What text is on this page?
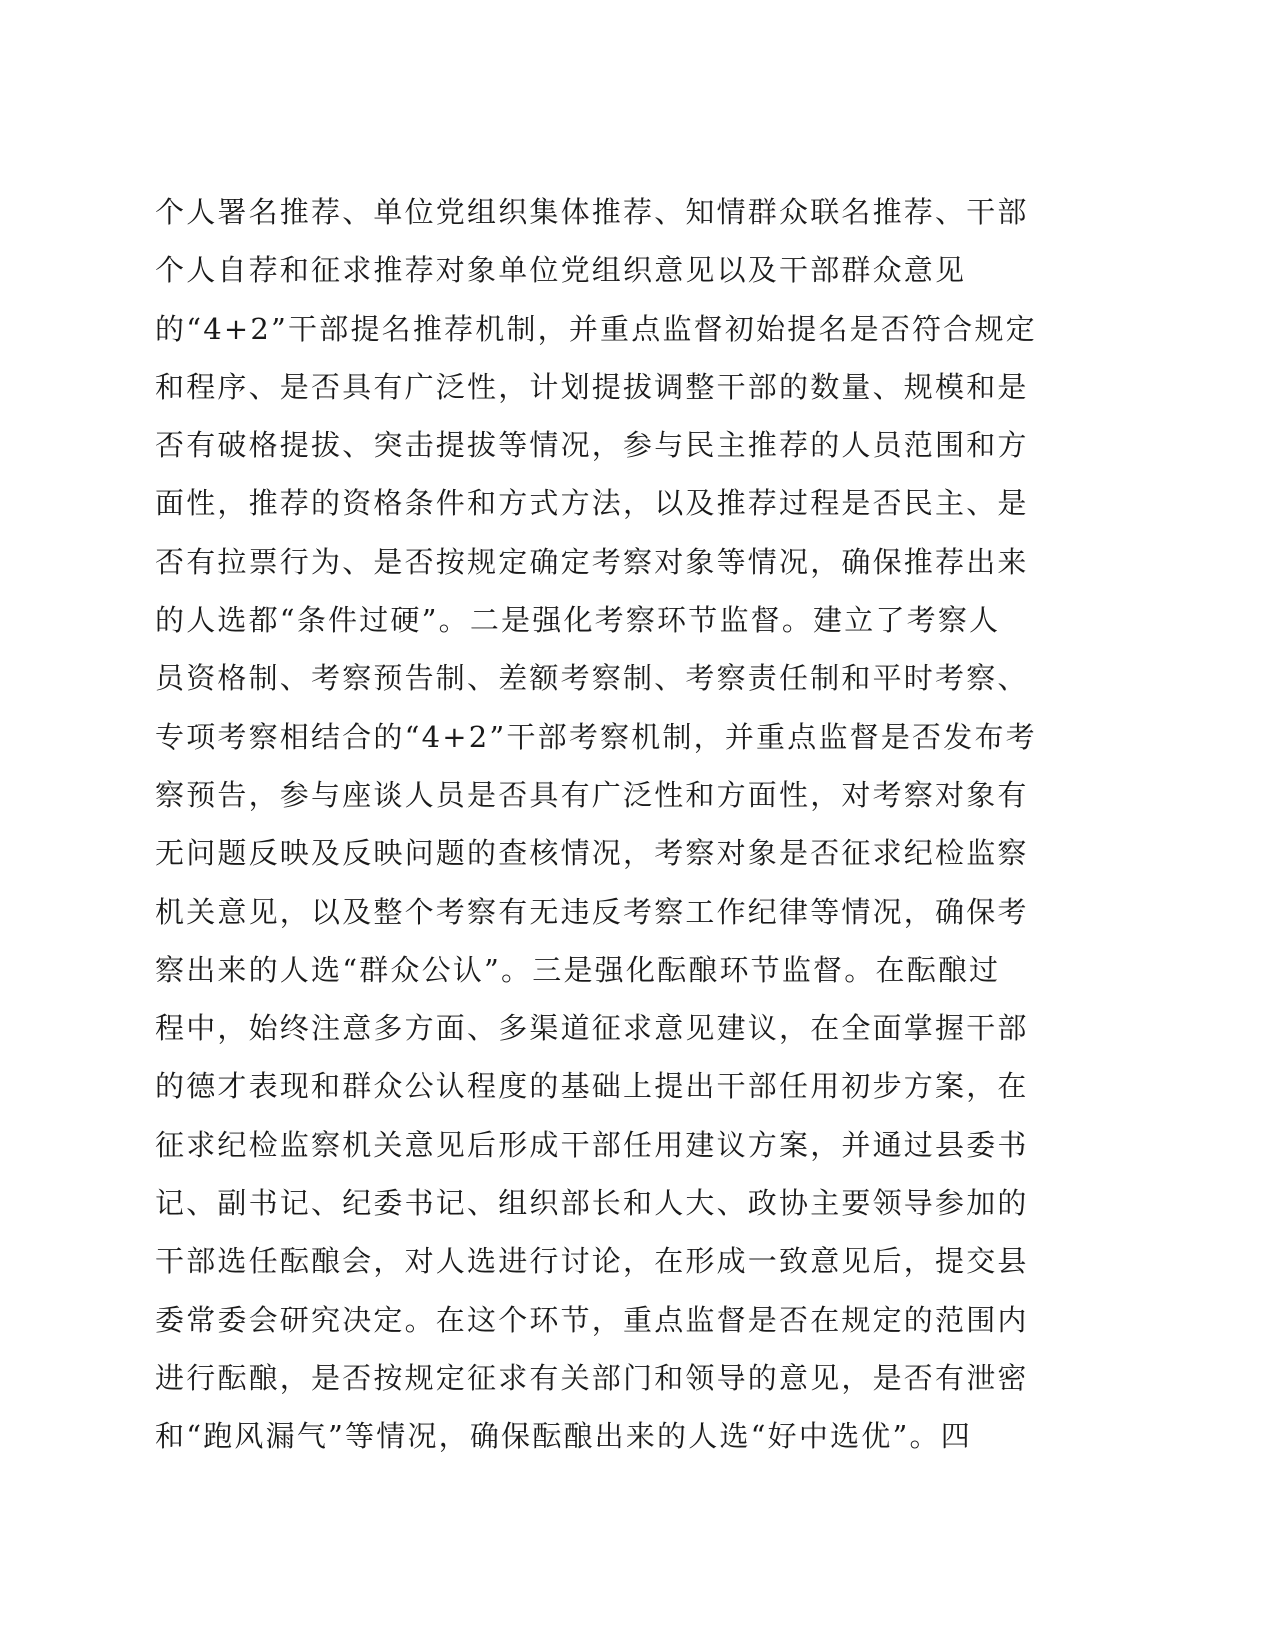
个人署名推荐、单位党组织集体推荐、知情群众联名推荐、干部
个人自荐和征求推荐对象单位党组织意见以及干部群众意见
的“4+2”干部提名推荐机制，并重点监督初始提名是否符合规定
和程序、是否具有广泛性，计划提拔调整干部的数量、规模和是
否有破格提拔、突击提拔等情况，参与民主推荐的人员范围和方
面性，推荐的资格条件和方式方法，以及推荐过程是否民主、是
否有拉票行为、是否按规定确定考察对象等情况，确保推荐出来
的人选都“条件过硬”。二是强化考察环节监督。建立了考察人
员资格制、考察预告制、差额考察制、考察责任制和平时考察、
专项考察相结合的“4+2”干部考察机制，并重点监督是否发布考
察预告，参与座谈人员是否具有广泛性和方面性，对考察对象有
无问题反映及反映问题的查核情况，考察对象是否征求纪检监察
机关意见，以及整个考察有无违反考察工作纪律等情况，确保考
察出来的人选“群众公认”。三是强化酝酿环节监督。在酝酿过
程中，始终注意多方面、多渠道征求意见建议，在全面掌握干部
的德才表现和群众公认程度的基础上提出干部任用初步方案，在
征求纪检监察机关意见后形成干部任用建议方案，并通过县委书
记、副书记、纪委书记、组织部长和人大、政协主要领导参加的
干部选任酝酿会，对人选进行讨论，在形成一致意见后，提交县
委常委会研究决定。在这个环节，重点监督是否在规定的范围内
进行酝酿，是否按规定征求有关部门和领导的意见，是否有泄密
和“跑风漏气”等情况，确保酝酿出来的人选“好中选优”。四
